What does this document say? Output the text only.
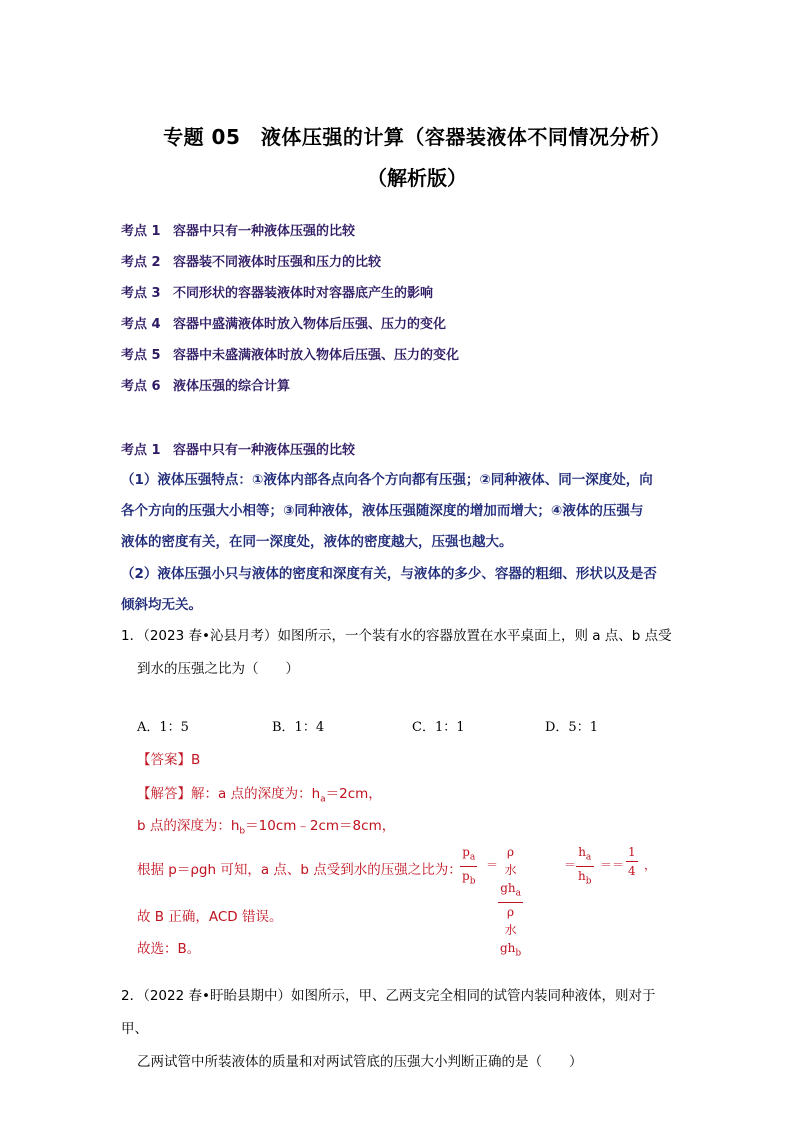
专题 05　液体压强的计算（容器装液体不同情况分析）
（解析版）
考点 1 容器中只有一种液体压强的比较
考点 2 容器装不同液体时压强和压力的比较
考点 3 不同形状的容器装液体时对容器底产生的影响
考点 4 容器中盛满液体时放入物体后压强、压力的变化
考点 5 容器中未盛满液体时放入物体后压强、压力的变化
考点 6 液体压强的综合计算
考点 1 容器中只有一种液体压强的比较
（1）液体压强特点：①液体内部各点向各个方向都有压强；②同种液体、同一深度处，向
各个方向的压强大小相等；③同种液体，液体压强随深度的增加而增大；④液体的压强与
液体的密度有关，在同一深度处，液体的密度越大，压强也越大。
（2）液体压强小只与液体的密度和深度有关，与液体的多少、容器的粗细、形状以及是否
倾斜均无关。
1．（2023 春•沁县月考）如图所示，一个装有水的容器放置在水平桌面上，则 a 点、b 点受
到水的压强之比为（　　）
A．1：5	B．1：4	C．1：1	D．5：1
【答案】B
【解答】解：a 点的深度为：$h_a=2cm$，
b 点的深度为：$h_b=10cm﹣2cm=8cm$，
根据 p＝ρgh 可知，a 点、b 点受到水的压强之比为：
$\frac{p_a}{p_b}$ ＝
ρ 水$gh_a$
ρ 水$gh_b$
＝ $\frac{h_a}{h_b}$ ＝ ＝ $\frac{1}{4}$ ，
故 B 正确，ACD 错误。
故选：B。
2．（2022 春•盱眙县期中）如图所示，甲、乙两支完全相同的试管内装同种液体，则对于甲、
乙两试管中所装液体的质量和对两试管底的压强大小判断正确的是（　　）
